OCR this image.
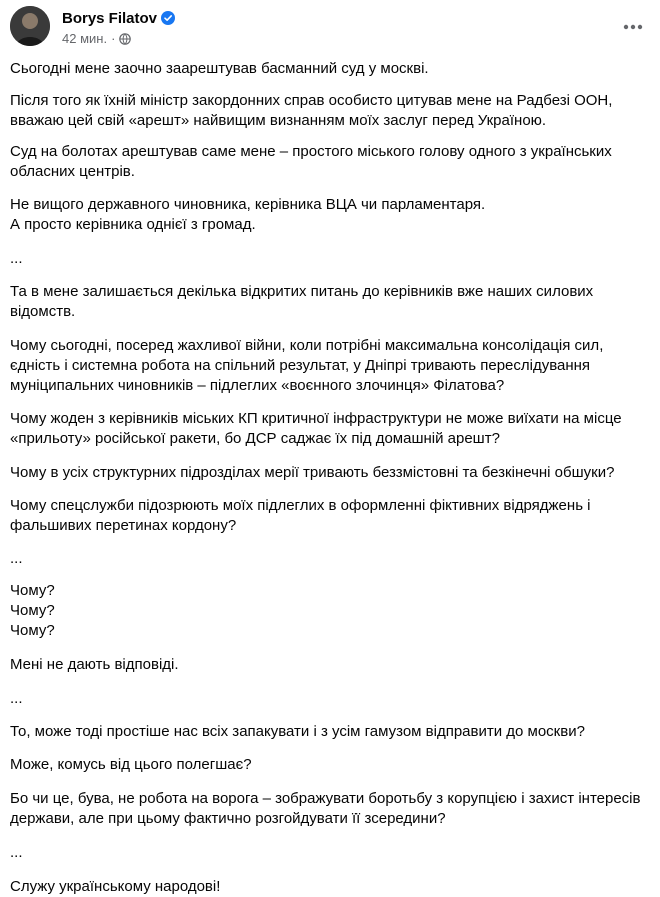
Borys Filatov
42 мин. ·

Сьогодні мене заочно заарештував басманний суд у москві.

Після того як їхній міністр закордонних справ особисто цитував мене на Радбезі ООН, вважаю цей свій «арешт» найвищим визнанням моїх заслуг перед Україною.

Суд на болотах арештував саме мене – простого міського голову одного з українських обласних центрів.

Не вищого державного чиновника, керівника ВЦА чи парламентаря.
А просто керівника однієї з громад.

...

Та в мене залишається декілька відкритих питань до керівників вже наших силових відомств.

Чому сьогодні, посеред жахливої війни, коли потрібні максимальна консолідація сил, єдність і системна робота на спільний результат, у Дніпрі тривають переслідування муніципальних чиновників – підлеглих «воєнного злочинця» Філатова?

Чому жоден з керівників міських КП критичної інфраструктури не може виїхати на місце «прильоту» російської ракети, бо ДСР саджає їх під домашній арешт?

Чому в усіх структурних підрозділах мерії тривають беззмістовні та безкінечні обшуки?

Чому спецслужби підозрюють моїх підлеглих в оформленні фіктивних відряджень і фальшивих перетинах кордону?

...

Чому?
Чому?
Чому?

Мені не дають відповіді.

...

То, може тоді простіше нас всіх запакувати і з усім гамузом відправити до москви?

Може, комусь від цього полегшає?

Бо чи це, бува, не робота на ворога – зображувати боротьбу з корупцією і захист інтересів держави, але при цьому фактично розгойдувати її зсередини?

...

Служу українському народові!
